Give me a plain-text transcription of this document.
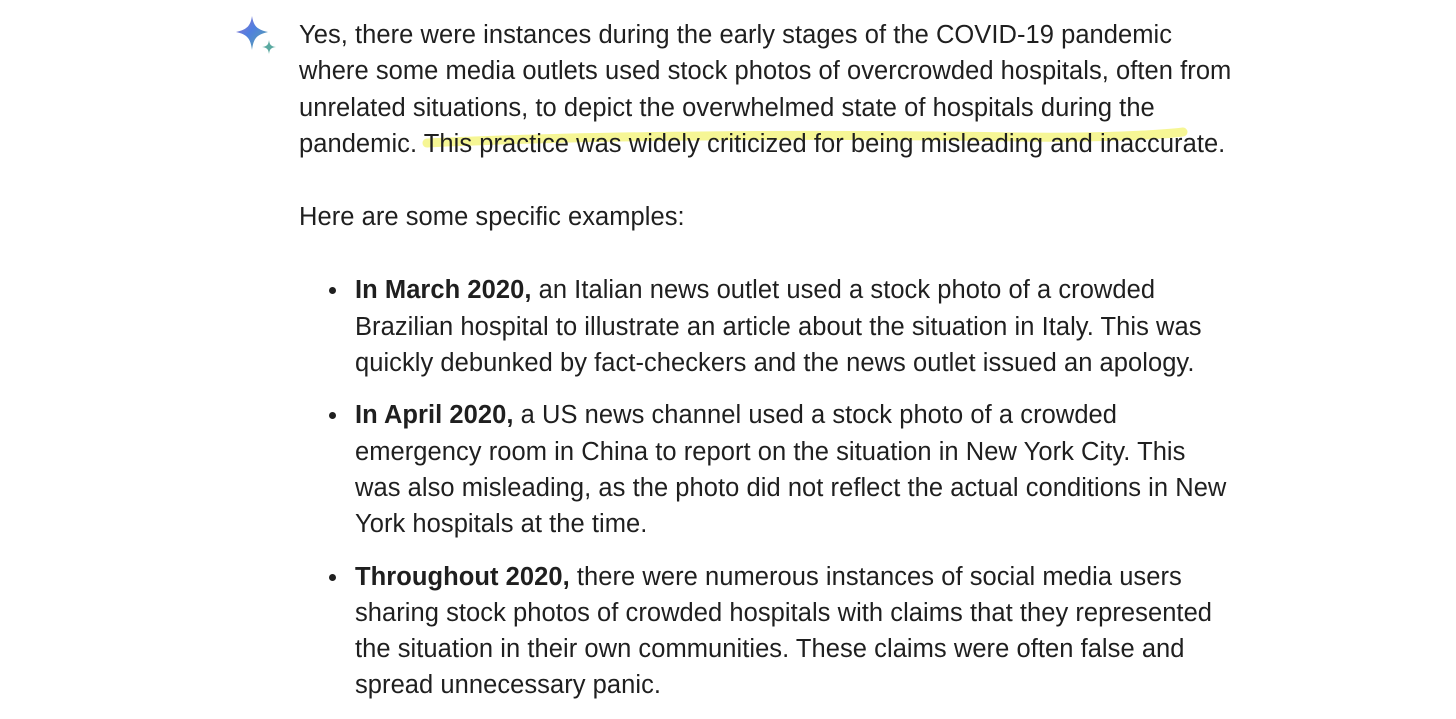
Yes, there were instances during the early stages of the COVID-19 pandemic where some media outlets used stock photos of overcrowded hospitals, often from unrelated situations, to depict the overwhelmed state of hospitals during the pandemic. This practice was widely criticized for being misleading and inaccurate.

Here are some specific examples:

In March 2020, an Italian news outlet used a stock photo of a crowded Brazilian hospital to illustrate an article about the situation in Italy. This was quickly debunked by fact-checkers and the news outlet issued an apology.
In April 2020, a US news channel used a stock photo of a crowded emergency room in China to report on the situation in New York City. This was also misleading, as the photo did not reflect the actual conditions in New York hospitals at the time.
Throughout 2020, there were numerous instances of social media users sharing stock photos of crowded hospitals with claims that they represented the situation in their own communities. These claims were often false and spread unnecessary panic.
